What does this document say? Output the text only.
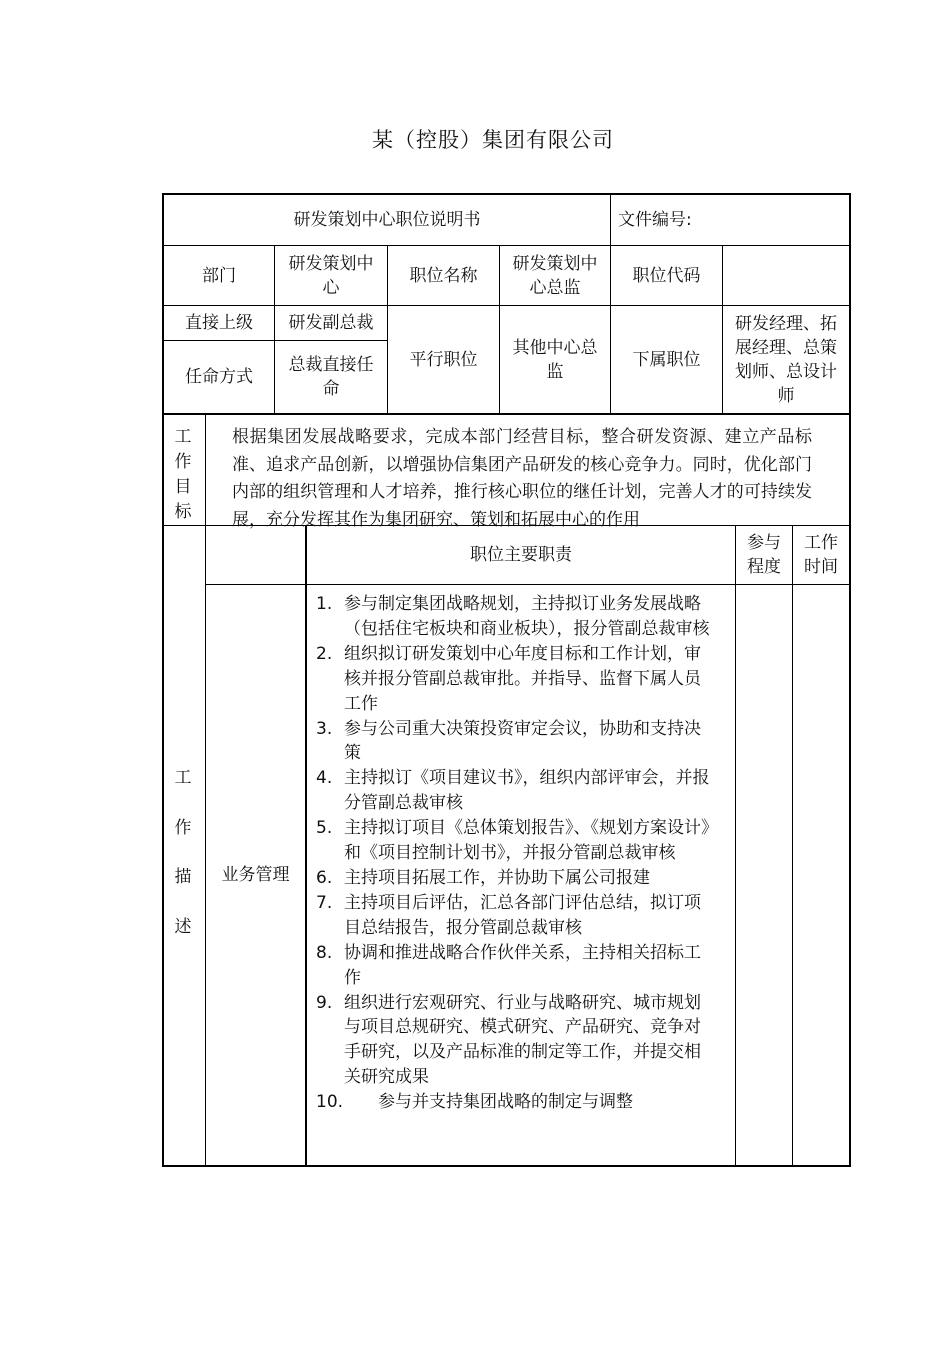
某（控股）集团有限公司
研发策划中心职位说明书	文件编号:
部门
研发策划中心
职位名称
研发策划中心总监
职位代码
直接上级	研发副总裁
任命方式
总裁直接任命
平行职位
其他中心总监
下属职位
研发经理、拓展经理、总策划师、总设计师
工
作
目
标
根据集团发展战略要求，完成本部门经营目标，整合研发资源、建立产品标准、追求产品创新，以增强协信集团产品研发的核心竞争力。同时，优化部门内部的组织管理和人才培养，推行核心职位的继任计划，完善人才的可持续发展，充分发挥其作为集团研究、策划和拓展中心的作用
工
作
描
述
职位主要职责
参与程度
工作时间
业务管理
1. 参与制定集团战略规划，主持拟订业务发展战略（包括住宅板块和商业板块），报分管副总裁审核
2. 组织拟订研发策划中心年度目标和工作计划，审核并报分管副总裁审批。并指导、监督下属人员工作
3. 参与公司重大决策投资审定会议，协助和支持决策
4. 主持拟订《项目建议书》，组织内部评审会，并报分管副总裁审核
5. 主持拟订项目《总体策划报告》、《规划方案设计》和《项目控制计划书》，并报分管副总裁审核
6. 主持项目拓展工作，并协助下属公司报建
7. 主持项目后评估，汇总各部门评估总结，拟订项目总结报告，报分管副总裁审核
8. 协调和推进战略合作伙伴关系，主持相关招标工作
9. 组织进行宏观研究、行业与战略研究、城市规划与项目总规研究、模式研究、产品研究、竞争对手研究，以及产品标准的制定等工作，并提交相关研究成果
10. 参与并支持集团战略的制定与调整
